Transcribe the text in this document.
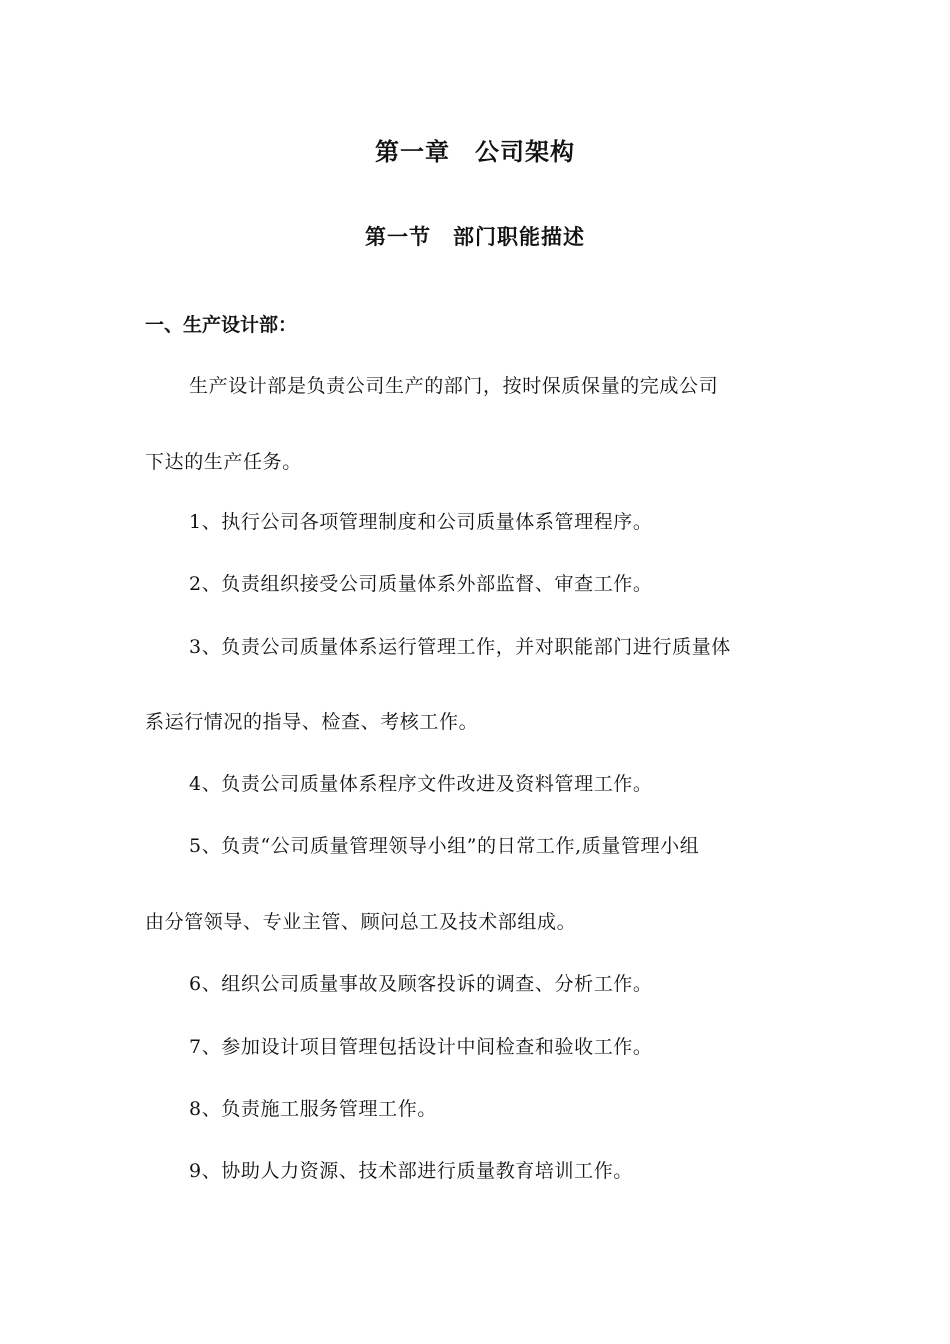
第一章　公司架构
第一节　部门职能描述
一、生产设计部：
生产设计部是负责公司生产的部门，按时保质保量的完成公司
下达的生产任务。
1、执行公司各项管理制度和公司质量体系管理程序。
2、负责组织接受公司质量体系外部监督、审查工作。
3、负责公司质量体系运行管理工作，并对职能部门进行质量体
系运行情况的指导、检查、考核工作。
4、负责公司质量体系程序文件改进及资料管理工作。
5、负责“公司质量管理领导小组”的日常工作,质量管理小组
由分管领导、专业主管、顾问总工及技术部组成。
6、组织公司质量事故及顾客投诉的调查、分析工作。
7、参加设计项目管理包括设计中间检查和验收工作。
8、负责施工服务管理工作。
9、协助人力资源、技术部进行质量教育培训工作。
